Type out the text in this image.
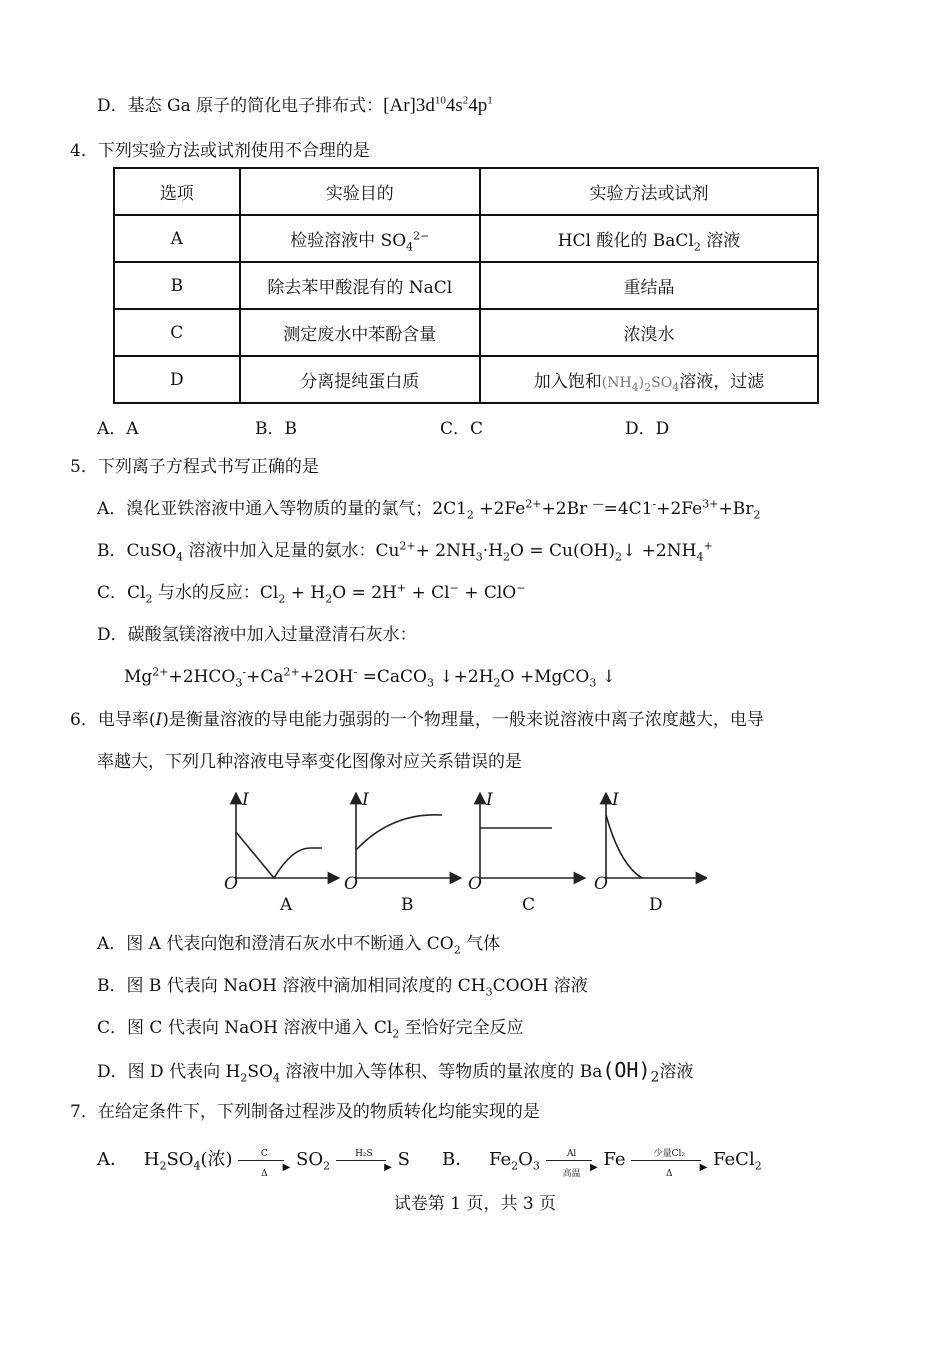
D．基态 Ga 原子的简化电子排布式：$[Ar]3d^{10}4s^24p^1$
4．下列实验方法或试剂使用不合理的是
选项	实验目的	实验方法或试剂
A	检验溶液中 $SO_4^{2-}$	HCl 酸化的 BaCl$_2$ 溶液
B	除去苯甲酸混有的 NaCl	重结晶
C	测定废水中苯酚含量	浓溴水
D	分离提纯蛋白质	加入饱和$(NH_4)_2SO_4$溶液，过滤
A．A	B．B	C．C	D．D
5．下列离子方程式书写正确的是
A．溴化亚铁溶液中通入等物质的量的氯气；$2C1_2 +2Fe^{2+}+2Br$ $^—=4C1^-+2Fe^{3+}+Br_2$
B．CuSO$_4$ 溶液中加入足量的氨水：$Cu^{2+}+ 2NH_3\cdot H_2O$ = $Cu(OH)_2↓ +2NH_4^+$
C．$Cl_2$ 与水的反应：$Cl_2 + H_2O = 2H^+ + Cl^- + ClO^-$
D．碳酸氢镁溶液中加入过量澄清石灰水：
$Mg^{2+}+2HCO_3^-+Ca^{2+}+2OH^-$ =CaCO$_3$ $↓+2H_2O$ +MgCO$_3$ ↓
6．电导率(I)是衡量溶液的导电能力强弱的一个物理量，一般来说溶液中离子浓度越大，电导
率越大，下列几种溶液电导率变化图像对应关系错误的是
I	I	I	I
O	O	O	O
A	B	C	D
A．图 A 代表向饱和澄清石灰水中不断通入 $CO_2$ 气体
B．图 B 代表向 NaOH 溶液中滴加相同浓度的 $CH_3COOH$ 溶液
C．图 C 代表向 NaOH 溶液中通入 $Cl_2$ 至恰好完全反应
D．图 D 代表向 $H_2SO_4$ 溶液中加入等体积、等物质的量浓度的 $Ba(OH)_2$溶液
7．在给定条件下，下列制备过程涉及的物质转化均能实现的是
A． $H_2SO_4$(浓)	C
▶
Δ
$SO_2$
H₂S
▶ S B． $Fe_2O_3$
Al
▶
高温
Fe	少量Cl₂
▶
Δ
FeCl$_2$
试卷第 1 页，共 3 页
